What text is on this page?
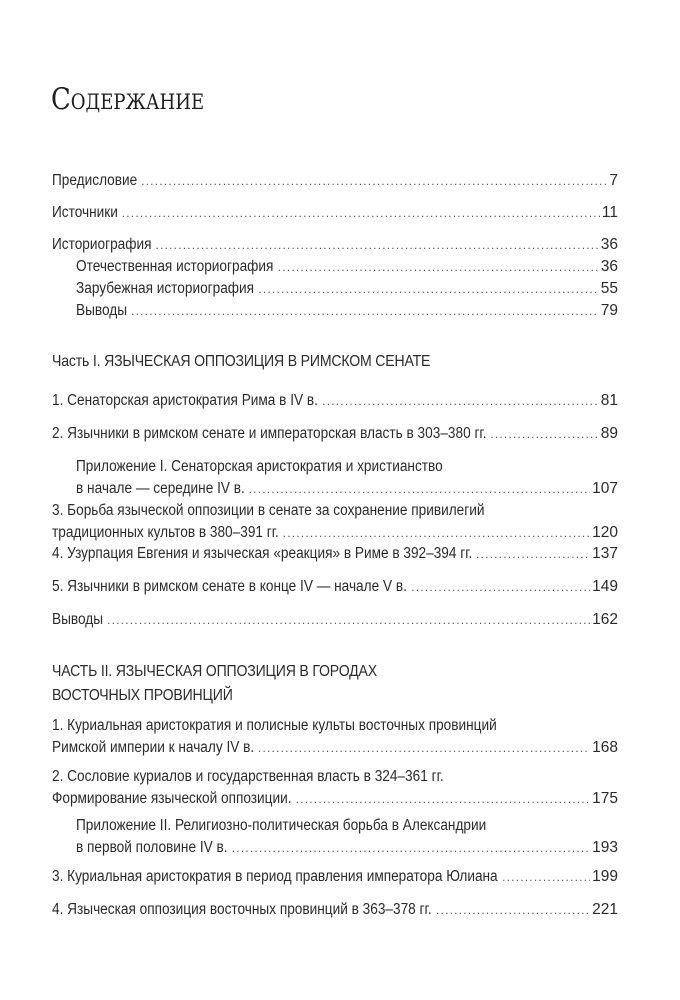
Содержание
Предисловие .....	7
Источники .....	11
Историография .....	36
Отечественная историография .....	36
Зарубежная историография .....	55
Выводы .....	79
Часть I. ЯЗЫЧЕСКАЯ ОППОЗИЦИЯ В РИМСКОМ СЕНАТЕ
1. Сенаторская аристократия Рима в IV в. .....	81
2. Язычники в римском сенате и императорская власть в 303–380 гг. .....	89
Приложение I. Сенаторская аристократия и христианство
в начале — середине IV в. .....	107
3. Борьба языческой оппозиции в сенате за сохранение привилегий
традиционных культов в 380–391 гг. .....	120
4. Узурпация Евгения и языческая «реакция» в Риме в 392–394 гг. .....	137
5. Язычники в римском сенате в конце IV — начале V в. .....	149
Выводы .....	162
ЧАСТЬ II. ЯЗЫЧЕСКАЯ ОППОЗИЦИЯ В ГОРОДАХ
ВОСТОЧНЫХ ПРОВИНЦИЙ
1. Куриальная аристократия и полисные культы восточных провинций
Римской империи к началу IV в. .....	168
2. Сословие куриалов и государственная власть в 324–361 гг.
Формирование языческой оппозиции. .....	175
Приложение II. Религиозно-политическая борьба в Александрии
в первой половине IV в. .....	193
3. Куриальная аристократия в период правления императора Юлиана .....	199
4. Языческая оппозиция восточных провинций в 363–378 гг. .....	221
